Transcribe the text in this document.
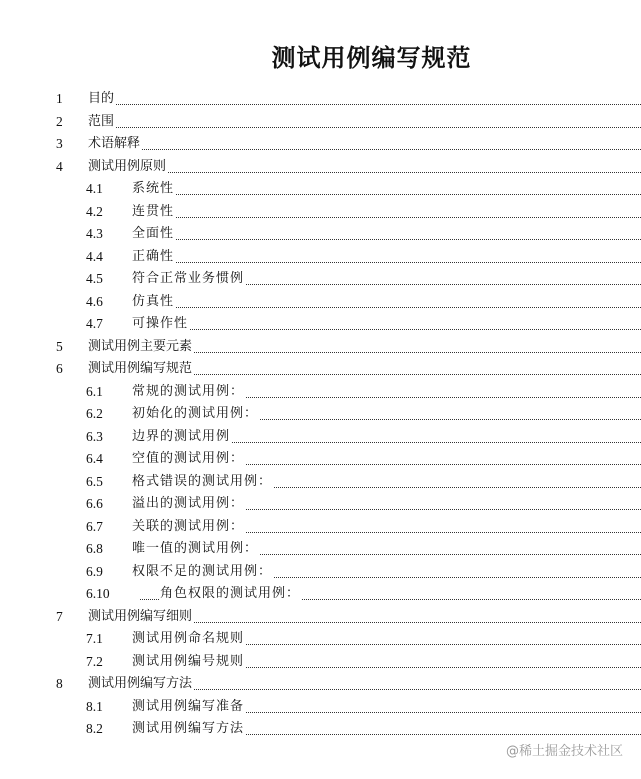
测试用例编写规范
1 目的
2 范围
3 术语解释
4 测试用例原则
4.1 系统性
4.2 连贯性
4.3 全面性
4.4 正确性
4.5 符合正常业务惯例
4.6 仿真性
4.7 可操作性
5 测试用例主要元素
6 测试用例编写规范
6.1 常规的测试用例：
6.2 初始化的测试用例：
6.3 边界的测试用例
6.4 空值的测试用例：
6.5 格式错误的测试用例：
6.6 溢出的测试用例：
6.7 关联的测试用例：
6.8 唯一值的测试用例：
6.9 权限不足的测试用例：
6.10	角色权限的测试用例：
7 测试用例编写细则
7.1 测试用例命名规则
7.2 测试用例编号规则
8 测试用例编写方法
8.1 测试用例编写准备
8.2 测试用例编写方法
@稀土掘金技术社区
